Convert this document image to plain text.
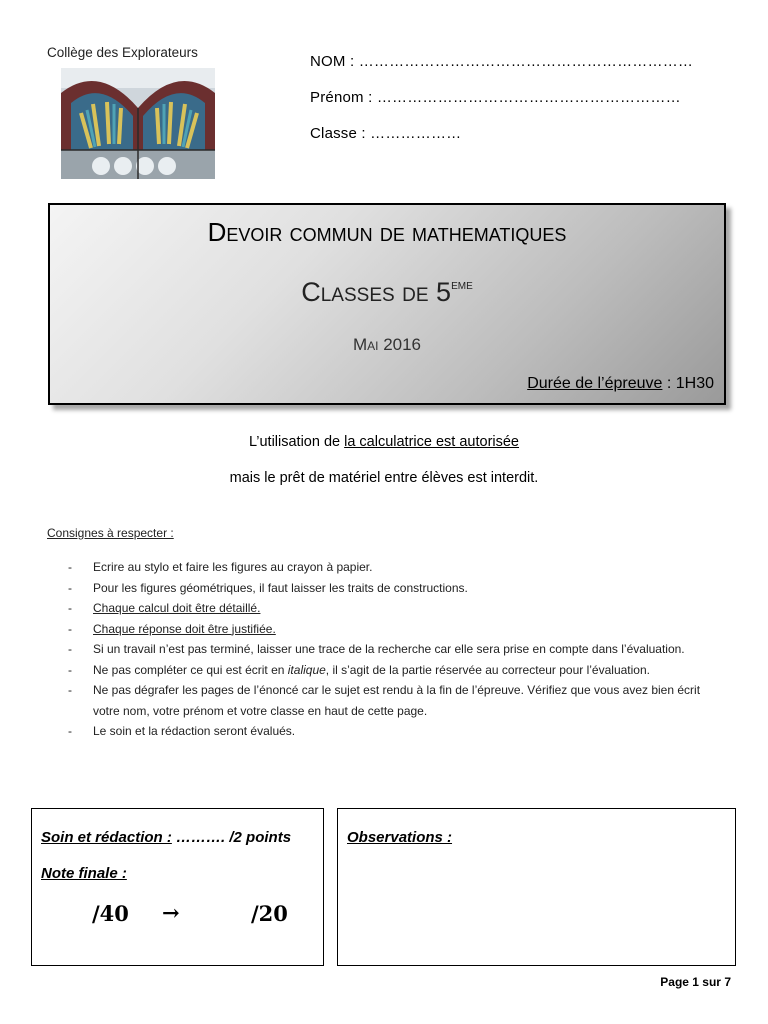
Collège des Explorateurs
NOM : …………………………………………………………
Prénom : ……………………………………………………
Classe : ………………
Devoir commun de mathematiques
Classes de 5eme
Mai 2016
Durée de l’épreuve : 1H30
L’utilisation de la calculatrice est autorisée
mais le prêt de matériel entre élèves est interdit.
Consignes à respecter :
- Ecrire au stylo et faire les figures au crayon à papier.
- Pour les figures géométriques, il faut laisser les traits de constructions.
- Chaque calcul doit être détaillé.
- Chaque réponse doit être justifiée.
- Si un travail n’est pas terminé, laisser une trace de la recherche car elle sera prise en compte dans l’évaluation.
- Ne pas compléter ce qui est écrit en italique, il s’agit de la partie réservée au correcteur pour l’évaluation.
- Ne pas dégrafer les pages de l’énoncé car le sujet est rendu à la fin de l’épreuve. Vérifiez que vous avez bien écrit votre nom, votre prénom et votre classe en haut de cette page.
- Le soin et la rédaction seront évalués.
Soin et rédaction : ………. /2 points
Note finale :
/40 →	/20
Observations :
Page 1 sur 7
